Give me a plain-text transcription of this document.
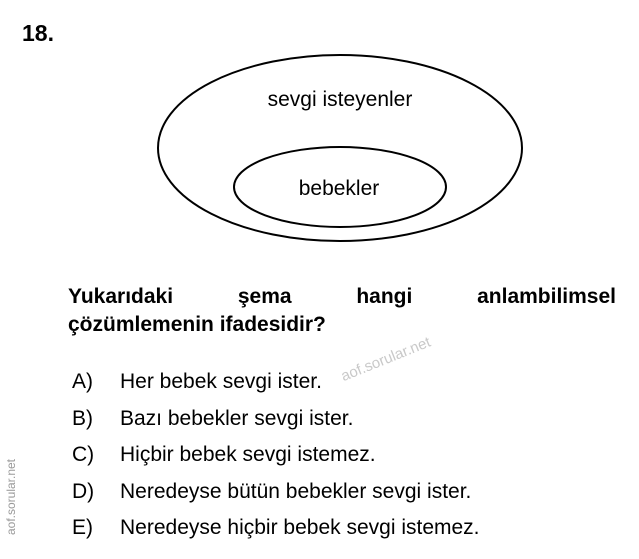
18.
sevgi isteyenler
bebekler
Yukarıdaki şema hangi anlambilimsel
çözümlemenin ifadesidir?
aof.sorular.net
A)	Her bebek sevgi ister.
B)	Bazı bebekler sevgi ister.
C)	Hiçbir bebek sevgi istemez.
D)	Neredeyse bütün bebekler sevgi ister.
E)	Neredeyse hiçbir bebek sevgi istemez.
aof.sorular.net
